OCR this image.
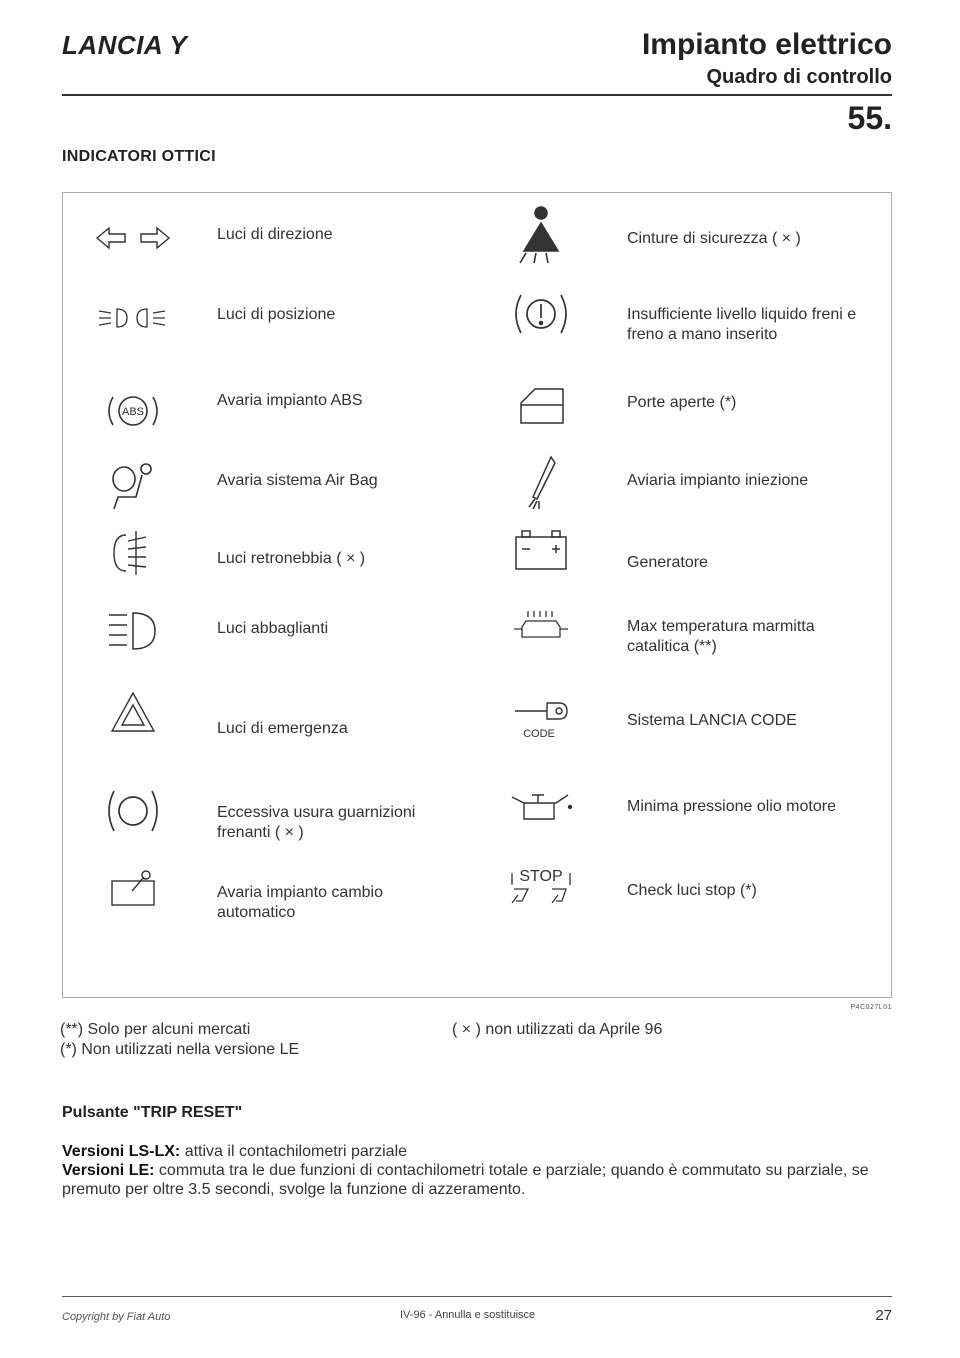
LANCIA Y	Impianto elettrico
Quadro di controllo
55.
INDICATORI OTTICI
Luci di direzione
Luci di posizione
ABS
Avaria impianto ABS
Avaria sistema Air Bag
Luci retronebbia ( × )
Luci abbaglianti
Luci di emergenza
Eccessiva usura guarnizioni frenanti ( × )
Avaria impianto cambio automatico
Cinture di sicurezza ( × )
Insufficiente livello liquido freni e freno a mano inserito
Porte aperte (*)
Aviaria impianto iniezione
Generatore
Max temperatura marmitta catalitica (**)
CODE
Sistema LANCIA CODE
Minima pressione olio motore
STOP
Check luci stop (*)
P4C027L01
(**) Solo per alcuni mercati
(*) Non utilizzati nella versione LE
( × ) non utilizzati da Aprile 96
Pulsante "TRIP RESET"
Versioni LS-LX: attiva il contachilometri parziale
Versioni LE: commuta tra le due funzioni di contachilometri totale e parziale; quando è commutato su parziale, se premuto per oltre 3.5 secondi, svolge la funzione di azzeramento.
Copyright by Fiat Auto	IV-96 - Annulla e sostituisce	27
